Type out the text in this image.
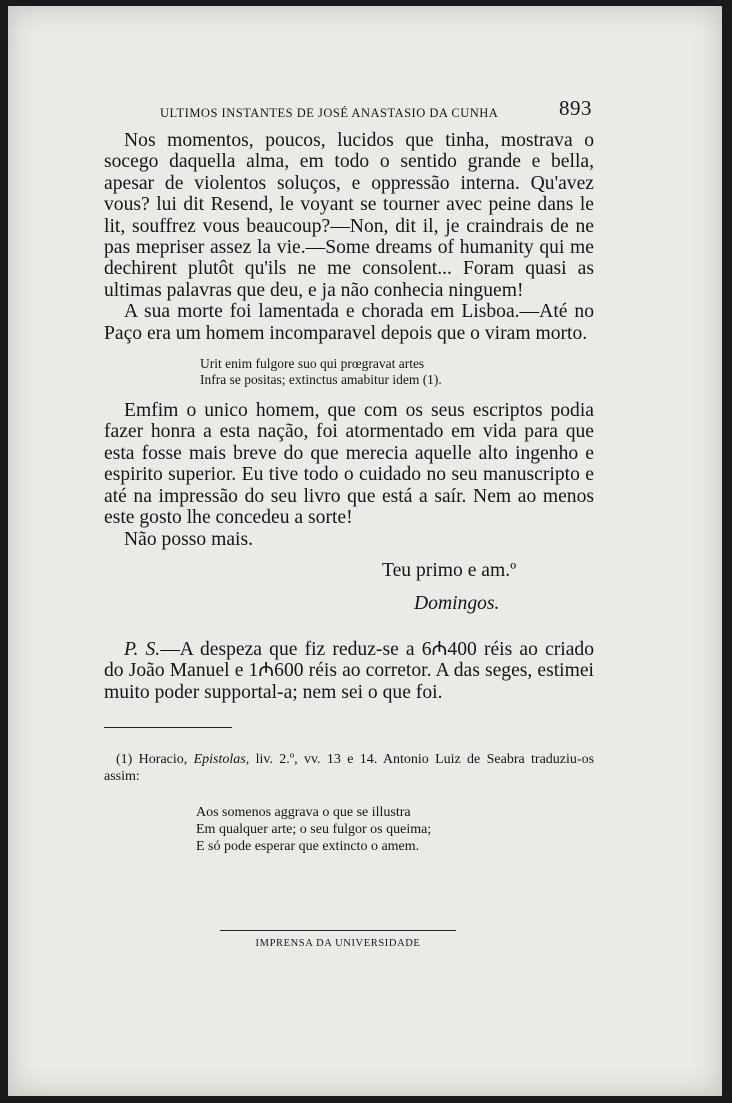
ULTIMOS INSTANTES DE JOSÉ ANASTASIO DA CUNHA	893

Nos momentos, poucos, lucidos que tinha, mostrava o socego daquella alma, em todo o sentido grande e bella, apesar de violentos soluços, e oppressão interna. Qu'avez vous? lui dit Resend, le voyant se tourner avec peine dans le lit, souffrez vous beaucoup?—Non, dit il, je craindrais de ne pas mepriser assez la vie.—Some dreams of humanity qui me dechirent plutôt qu'ils ne me consolent... Foram quasi as ultimas palavras que deu, e ja não conhecia ninguem!

A sua morte foi lamentada e chorada em Lisboa.—Até no Paço era um homem incomparavel depois que o viram morto.

Urit enim fulgore suo qui prœgravat artes
Infra se positas; extinctus amabitur idem (1).

Emfim o unico homem, que com os seus escriptos podia fazer honra a esta nação, foi atormentado em vida para que esta fosse mais breve do que merecia aquelle alto ingenho e espirito superior. Eu tive todo o cuidado no seu manuscripto e até na impressão do seu livro que está a saír. Nem ao menos este gosto lhe concedeu a sorte!

Não posso mais.

Teu primo e am.º

Domingos.

P. S.—A despeza que fiz reduz-se a 6₼400 réis ao criado do João Manuel e 1₼600 réis ao corretor. A das seges, estimei muito poder supportal-a; nem sei o que foi.

(1) Horacio, Epistolas, liv. 2.º, vv. 13 e 14. Antonio Luiz de Seabra traduziu-os assim:

Aos somenos aggrava o que se illustra
Em qualquer arte; o seu fulgor os queima;
E só pode esperar que extincto o amem.
IMPRENSA DA UNIVERSIDADE
